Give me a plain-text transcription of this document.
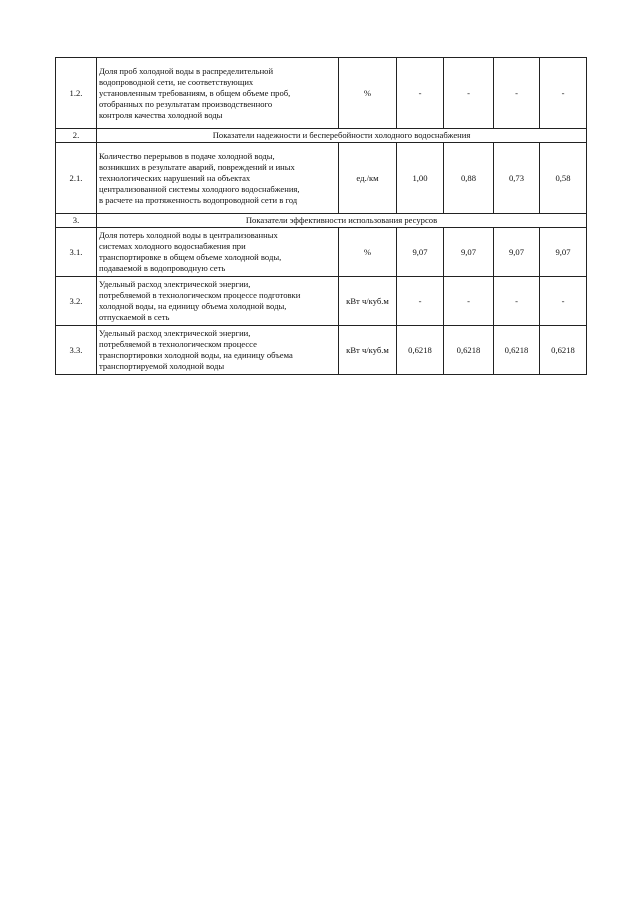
1.2.	Доля проб холодной воды в распределительной
водопроводной сети, не соответствующих
установленным требованиям, в общем объеме проб,
отобранных по результатам производственного
контроля качества холодной воды	%	-	-	-	-
2.	Показатели надежности и бесперебойности холодного водоснабжения					
2.1.	Количество перерывов в подаче холодной воды,
возникших в результате аварий, повреждений и иных
технологических нарушений на объектах
централизованной системы холодного водоснабжения,
в расчете на протяженность водопроводной сети в год	ед./км	1,00	0,88	0,73	0,58
3.	Показатели эффективности использования ресурсов					
3.1.	Доля потерь холодной воды в централизованных
системах холодного водоснабжения при
транспортировке в общем объеме холодной воды,
подаваемой в водопроводную сеть	%	9,07	9,07	9,07	9,07
3.2.	Удельный расход электрической энергии,
потребляемой в технологическом процессе подготовки
холодной воды, на единицу объема холодной воды,
отпускаемой в сеть	кВт ч/куб.м	-	-	-	-
3.3.	Удельный расход электрической энергии,
потребляемой в технологическом процессе
транспортировки холодной воды, на единицу объема
транспортируемой холодной воды	кВт ч/куб.м	0,6218	0,6218	0,6218	0,6218
